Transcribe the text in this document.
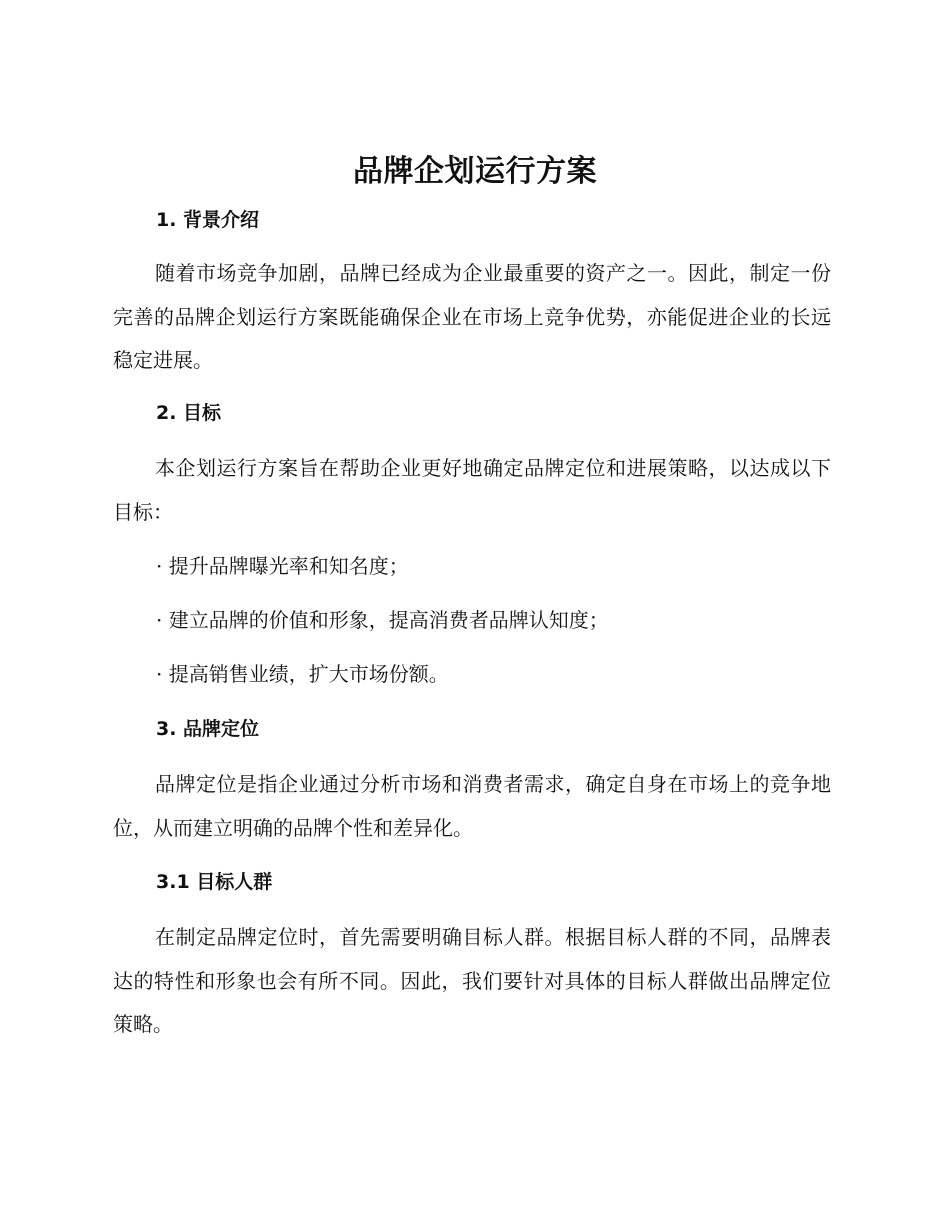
品牌企划运行方案
1. 背景介绍
随着市场竞争加剧，品牌已经成为企业最重要的资产之一。因此，制定一份完善的品牌企划运行方案既能确保企业在市场上竞争优势，亦能促进企业的长远稳定进展。
2. 目标
本企划运行方案旨在帮助企业更好地确定品牌定位和进展策略，以达成以下目标：
· 提升品牌曝光率和知名度；
· 建立品牌的价值和形象，提高消费者品牌认知度；
· 提高销售业绩，扩大市场份额。
3. 品牌定位
品牌定位是指企业通过分析市场和消费者需求，确定自身在市场上的竞争地位，从而建立明确的品牌个性和差异化。
3.1 目标人群
在制定品牌定位时，首先需要明确目标人群。根据目标人群的不同，品牌表达的特性和形象也会有所不同。因此，我们要针对具体的目标人群做出品牌定位策略。
